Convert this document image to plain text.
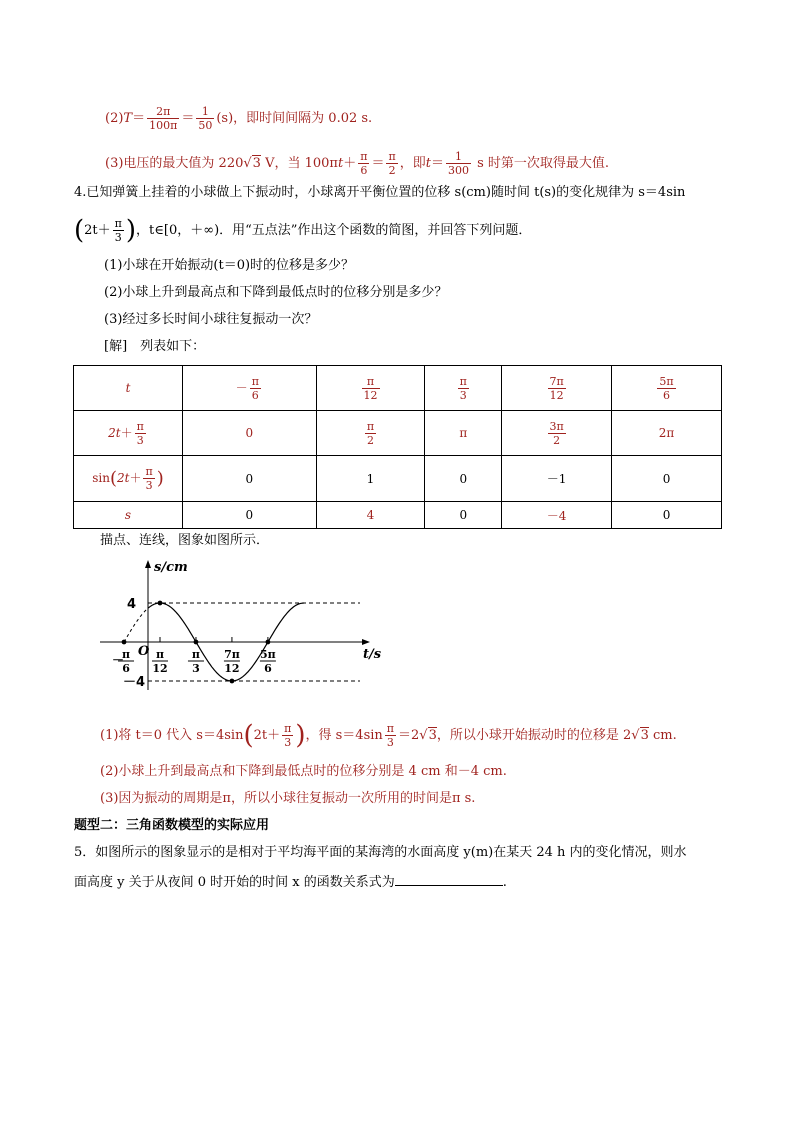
$(2)T= \frac{2\pi}{100\pi} = \frac{1}{50} (s)$，即时间间隔为 0.02 s.
(3)电压的最大值为 220√3 V，当 $100\pi t+ \frac{\pi}{6} = \frac{\pi}{2}$ ，即$t= \frac{1}{300}$ s 时第一次取得最大值.
4.已知弹簧上挂着的小球做上下振动时，小球离开平衡位置的位移 s(cm)随时间 t(s)的变化规律为 s＝4sin
($2t+ \frac{\pi}{3}$ )，t∈[0，＋∞)．用“五点法”作出这个函数的简图，并回答下列问题．
(1)小球在开始振动(t＝0)时的位移是多少？
(2)小球上升到最高点和下降到最低点时的位移分别是多少？
(3)经过多长时间小球往复振动一次？
[解]　列表如下：
t	－ $\frac{\pi}{6}$	$\frac{\pi}{12}$	$\frac{\pi}{3}$	$\frac{7\pi}{12}$	$\frac{5\pi}{6}$

$2t+ \frac{\pi}{3}$	0	$\frac{\pi}{2}$	π	$\frac{3\pi}{2}$	2π
$\sin(2t+ \frac{\pi}{3}$ )	0	1	0	－1	0
s	0	4	0	－4	0
描点、连线，图象如图所示．
s/cm
t/s
O
4
－4
π
12
π
3
7π
12
5π
6
－
π
6
(1)将 t＝0 代入 $s=4\sin(2t+ \frac{\pi}{3}$ )，得 $s=4\sin \frac{\pi}{3} =2√3$，所以小球开始振动时的位移是 2√3 cm.
(2)小球上升到最高点和下降到最低点时的位移分别是 4 cm 和－4 cm.
(3)因为振动的周期是π，所以小球往复振动一次所用的时间是π s.
题型二：三角函数模型的实际应用
5．如图所示的图象显示的是相对于平均海平面的某海湾的水面高度 y(m)在某天 24 h 内的变化情况，则水
面高度 y 关于从夜间 0 时开始的时间 x 的函数关系式为	.
